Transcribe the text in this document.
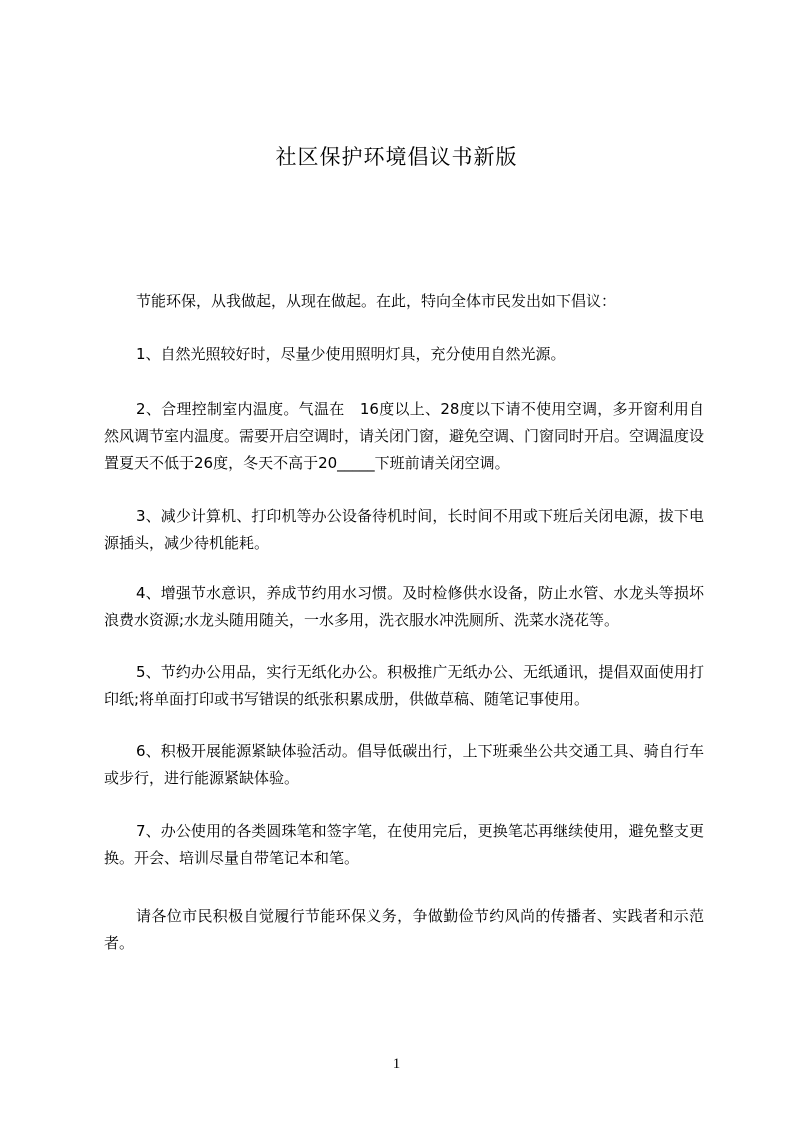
社区保护环境倡议书新版
节能环保，从我做起，从现在做起。在此，特向全体市民发出如下倡议：
1、自然光照较好时，尽量少使用照明灯具，充分使用自然光源。
2、合理控制室内温度。气温在　16度以上、28度以下请不使用空调，多开窗利用自然风调节室内温度。需要开启空调时，请关闭门窗，避免空调、门窗同时开启。空调温度设置夏天不低于26度，冬天不高于20_____下班前请关闭空调。
3、减少计算机、打印机等办公设备待机时间，长时间不用或下班后关闭电源，拔下电源插头，减少待机能耗。
4、增强节水意识，养成节约用水习惯。及时检修供水设备，防止水管、水龙头等损坏浪费水资源;水龙头随用随关，一水多用，洗衣服水冲洗厕所、洗菜水浇花等。
5、节约办公用品，实行无纸化办公。积极推广无纸办公、无纸通讯，提倡双面使用打印纸;将单面打印或书写错误的纸张积累成册，供做草稿、随笔记事使用。
6、积极开展能源紧缺体验活动。倡导低碳出行，上下班乘坐公共交通工具、骑自行车或步行，进行能源紧缺体验。
7、办公使用的各类圆珠笔和签字笔，在使用完后，更换笔芯再继续使用，避免整支更换。开会、培训尽量自带笔记本和笔。
请各位市民积极自觉履行节能环保义务，争做勤俭节约风尚的传播者、实践者和示范者。
1
